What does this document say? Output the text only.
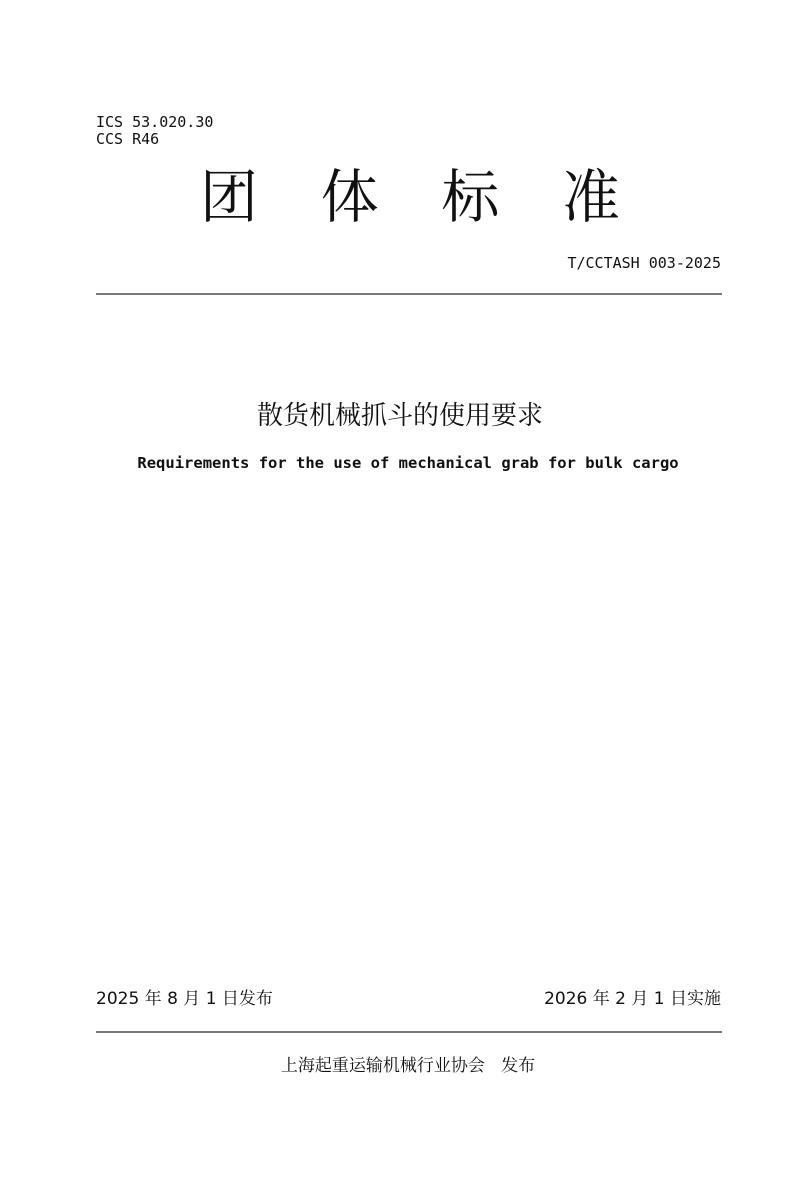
ICS 53.020.30
CCS R46
团 体 标 准
T/CCTASH 003-2025
散货机械抓斗的使用要求
Requirements for the use of mechanical grab for bulk cargo
2025 年 8 月 1 日发布	2026 年 2 月 1 日实施
上海起重运输机械行业协会 发布
